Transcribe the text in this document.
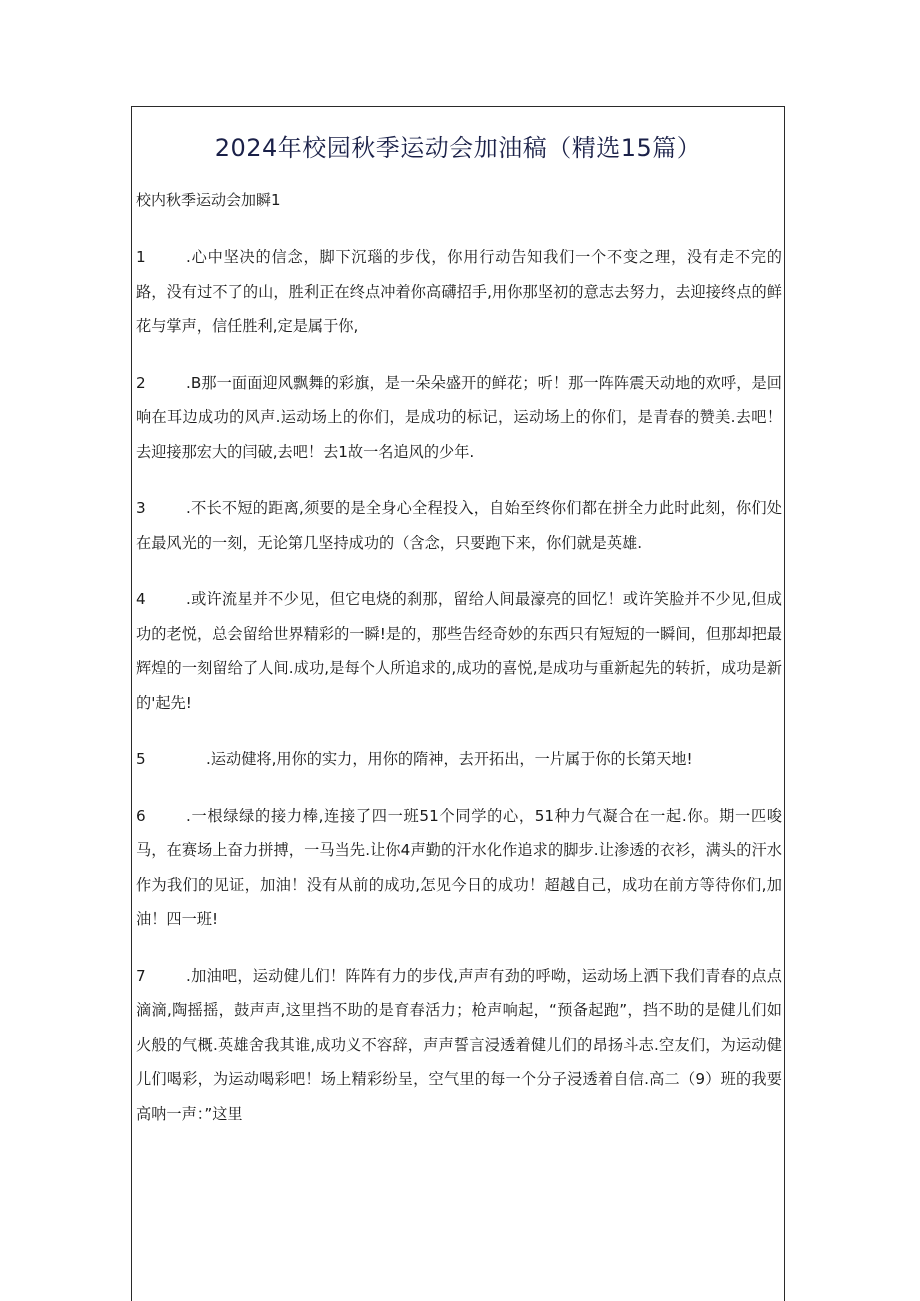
2024年校园秋季运动会加油稿（精选15篇）
校内秋季运动会加瞬1

1	.心中坚决的信念，脚下沉瑙的步伐，你用行动告知我们一个不变之理，没有走不完的路，没有过不了的山，胜利正在终点冲着你高礴招手,用你那坚初的意志去努力，去迎接终点的鲜花与掌声，信任胜利,定是属于你,

2	.B那一面面迎风飘舞的彩旗，是一朵朵盛开的鲜花；听！那一阵阵震天动地的欢呼，是回响在耳边成功的风声.运动场上的你们，是成功的标记，运动场上的你们，是青春的赞美.去吧！去迎接那宏大的闫破,去吧！去1故一名追风的少年.

3	.不长不短的距离,须要的是全身心全程投入，自始至终你们都在拼全力此时此刻，你们处在最风光的一刻，无论第几坚持成功的（含念，只要跑下来，你们就是英雄.

4	.或许流星并不少见，但它电烧的刹那，留给人间最濠亮的回忆！或许笑脸并不少见,但成功的老悦，总会留给世界精彩的一瞬!是的，那些告经奇妙的东西只有短短的一瞬间，但那却把最辉煌的一刻留给了人间.成功,是每个人所追求的,成功的喜悦,是成功与重新起先的转折，成功是新的'起先!

5	.运动健将,用你的实力，用你的隋神，去开拓出，一片属于你的长第天地!

6	.一根绿绿的接力棒,连接了四一班51个同学的心，51种力气凝合在一起.你。期一匹唆马，在赛场上奋力拼搏，一马当先.让你4声勤的汗水化作追求的脚步.让渗透的衣衫，满头的汗水作为我们的见证，加油！没有从前的成功,怎见今日的成功！超越自己，成功在前方等待你们,加油！四一班!

7	.加油吧，运动健儿们！阵阵有力的步伐,声声有劲的呼呦，运动场上洒下我们青春的点点滴滴,陶摇摇，鼓声声,这里挡不助的是育春活力；枪声响起，“预备起跑”，挡不助的是健儿们如火般的气概.英雄舍我其谁,成功义不容辞，声声誓言浸透着健儿们的昂扬斗志.空友们，为运动健儿们喝彩，为运动喝彩吧！场上精彩纷呈，空气里的每一个分子浸透着自信.高二（9）班的我要高呐一声：”这里
